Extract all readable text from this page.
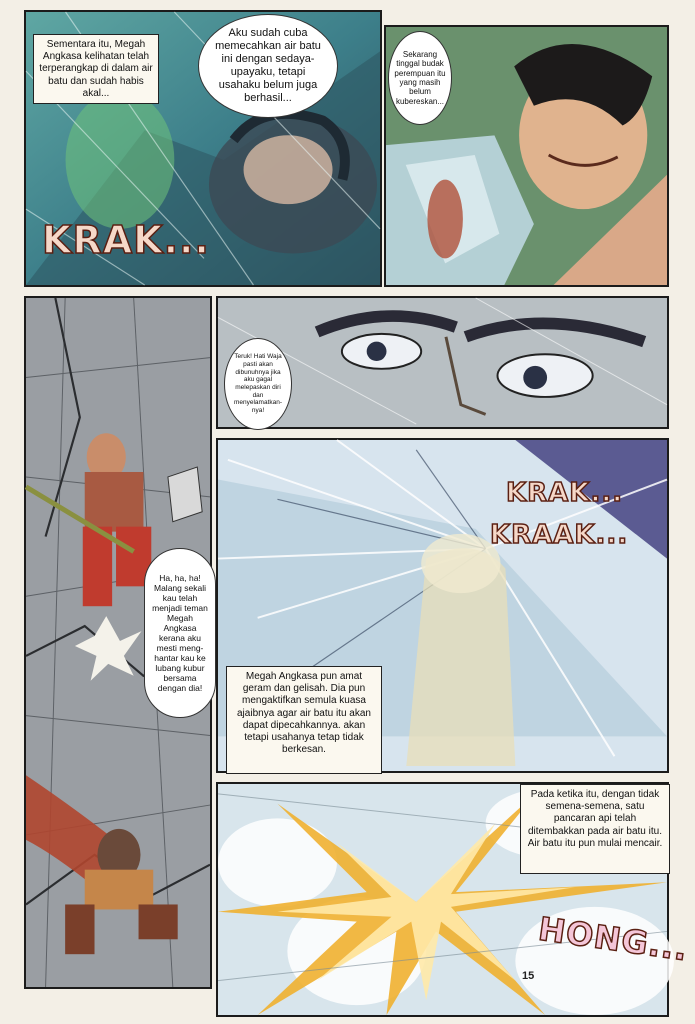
Sementara itu, Megah Angkasa kelihatan telah terperangkap di dalam air batu dan sudah habis akal...
Aku sudah cuba memecahkan air batu ini dengan sedaya-upayaku, tetapi usahaku belum juga berhasil...
KRAK...
Sekarang tinggal budak perempuan itu yang masih belum kubereskan...
Ha, ha, ha! Malang sekali kau telah menjadi teman Megah Angkasa kerana aku mesti meng-hantar kau ke lubang kubur bersama dengan dia!
Teruk! Hati Waja pasti akan dibunuhnya jika aku gagal melepaskan diri dan menyelamatkan-nya!
KRAK...
KRAAK...
Megah Angkasa pun amat geram dan gelisah. Dia pun mengaktifkan semula kuasa ajaibnya agar air batu itu akan dapat dipecahkannya. akan tetapi usahanya tetap tidak berkesan.
Pada ketika itu, dengan tidak semena-semena, satu pancaran api telah ditembakkan pada air batu itu. Air batu itu pun mulai mencair.
HONG...
15
